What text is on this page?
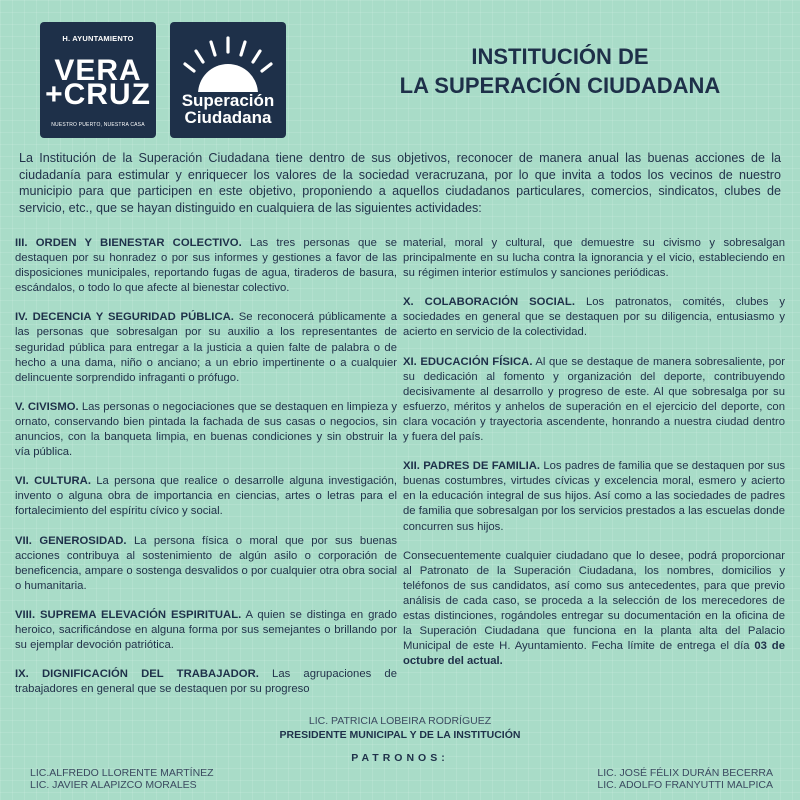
H. AYUNTAMIENTO
VERA
+CRUZ
NUESTRO PUERTO, NUESTRA CASA
Superación
Ciudadana
INSTITUCIÓN DE
LA SUPERACIÓN CIUDADANA

La Institución de la Superación Ciudadana tiene dentro de sus objetivos, reconocer de manera anual las buenas acciones de la ciudadanía para estimular y enriquecer los valores de la sociedad veracruzana, por lo que invita a todos los vecinos de nuestro municipio para que participen en este objetivo, proponiendo a aquellos ciudadanos particulares, comercios, sindicatos, clubes de servicio, etc., que se hayan distinguido en cualquiera de las siguientes actividades:

III. ORDEN Y BIENESTAR COLECTIVO. Las tres personas que se destaquen por su honradez o por sus informes y gestiones a favor de las disposiciones municipales, reportando fugas de agua, tiraderos de basura, escándalos, o todo lo que afecte al bienestar colectivo.

IV. DECENCIA Y SEGURIDAD PÚBLICA. Se reconocerá públicamente a las personas que sobresalgan por su auxilio a los representantes de seguridad pública para entregar a la justicia a quien falte de palabra o de hecho a una dama, niño o anciano; a un ebrio impertinente o a cualquier delincuente sorprendido infraganti o prófugo.

V. CIVISMO. Las personas o negociaciones que se destaquen en limpieza y ornato, conservando bien pintada la fachada de sus casas o negocios, sin anuncios, con la banqueta limpia, en buenas condiciones y sin obstruir la vía pública.

VI. CULTURA. La persona que realice o desarrolle alguna investigación, invento o alguna obra de importancia en ciencias, artes o letras para el fortalecimiento del espíritu cívico y social.

VII. GENEROSIDAD. La persona física o moral que por sus buenas acciones contribuya al sostenimiento de algún asilo o corporación de beneficencia, ampare o sostenga desvalidos o por cualquier otra obra social o humanitaria.

VIII. SUPREMA ELEVACIÓN ESPIRITUAL. A quien se distinga en grado heroico, sacrificándose en alguna forma por sus semejantes o brillando por su ejemplar devoción patriótica.

IX. DIGNIFICACIÓN DEL TRABAJADOR. Las agrupaciones de trabajadores en general que se destaquen por su progreso

material, moral y cultural, que demuestre su civismo y sobresalgan principalmente en su lucha contra la ignorancia y el vicio, estableciendo en su régimen interior estímulos y sanciones periódicas.

X. COLABORACIÓN SOCIAL. Los patronatos, comités, clubes y sociedades en general que se destaquen por su diligencia, entusiasmo y acierto en servicio de la colectividad.

XI. EDUCACIÓN FÍSICA. Al que se destaque de manera sobresaliente, por su dedicación al fomento y organización del deporte, contribuyendo decisivamente al desarrollo y progreso de este. Al que sobresalga por su esfuerzo, méritos y anhelos de superación en el ejercicio del deporte, con clara vocación y trayectoria ascendente, honrando a nuestra ciudad dentro y fuera del país.

XII. PADRES DE FAMILIA. Los padres de familia que se destaquen por sus buenas costumbres, virtudes cívicas y excelencia moral, esmero y acierto en la educación integral de sus hijos. Así como a las sociedades de padres de familia que sobresalgan por los servicios prestados a las escuelas donde concurren sus hijos.

Consecuentemente cualquier ciudadano que lo desee, podrá proporcionar al Patronato de la Superación Ciudadana, los nombres, domicilios y teléfonos de sus candidatos, así como sus antecedentes, para que previo análisis de cada caso, se proceda a la selección de los merecedores de estas distinciones, rogándoles entregar su documentación en la oficina de la Superación Ciudadana que funciona en la planta alta del Palacio Municipal de este H. Ayuntamiento. Fecha límite de entrega el día 03 de octubre del actual.

LIC. PATRICIA LOBEIRA RODRÍGUEZ
PRESIDENTE MUNICIPAL Y DE LA INSTITUCIÓN
PATRONOS:
LIC.ALFREDO LLORENTE MARTÍNEZ
LIC. JAVIER ALAPIZCO MORALES
LIC. JOSÉ FÉLIX DURÁN BECERRA
LIC. ADOLFO FRANYUTTI MALPICA
